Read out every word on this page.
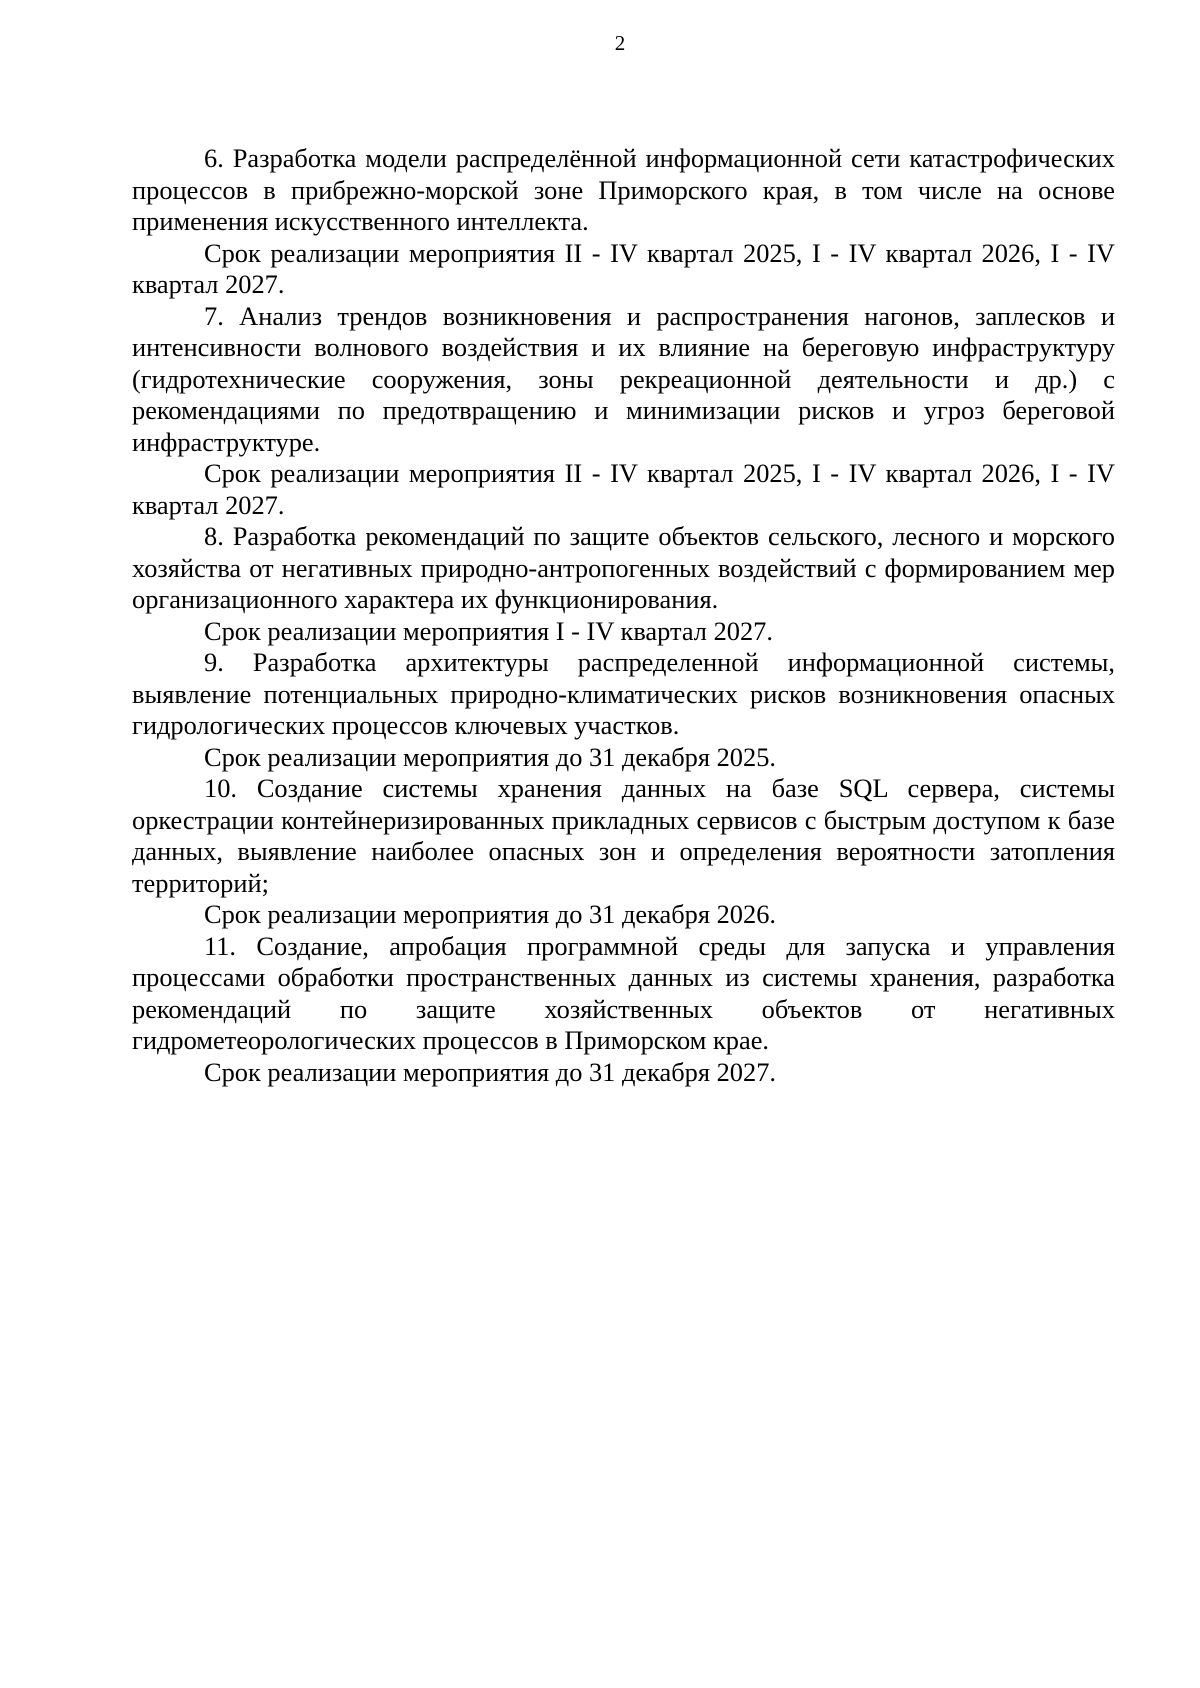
2

6. Разработка модели распределённой информационной сети катастрофических процессов в прибрежно-морской зоне Приморского края, в том числе на основе применения искусственного интеллекта.

Срок реализации мероприятия II - IV квартал 2025, I - IV квартал 2026, I - IV квартал 2027.

7. Анализ трендов возникновения и распространения нагонов, заплесков и интенсивности волнового воздействия и их влияние на береговую инфраструктуру (гидротехнические сооружения, зоны рекреационной деятельности и др.) с рекомендациями по предотвращению и минимизации рисков и угроз береговой инфраструктуре.

Срок реализации мероприятия II - IV квартал 2025, I - IV квартал 2026, I - IV квартал 2027.

8. Разработка рекомендаций по защите объектов сельского, лесного и морского хозяйства от негативных природно-антропогенных воздействий с формированием мер организационного характера их функционирования.

Срок реализации мероприятия I - IV квартал 2027.

9. Разработка архитектуры распределенной информационной системы, выявление потенциальных природно-климатических рисков возникновения опасных гидрологических процессов ключевых участков.

Срок реализации мероприятия до 31 декабря 2025.

10. Создание системы хранения данных на базе SQL сервера, системы оркестрации контейнеризированных прикладных сервисов с быстрым доступом к базе данных, выявление наиболее опасных зон и определения вероятности затопления территорий;

Срок реализации мероприятия до 31 декабря 2026.

11. Создание, апробация программной среды для запуска и управления процессами обработки пространственных данных из системы хранения, разработка рекомендаций по защите хозяйственных объектов от негативных гидрометеорологических процессов в Приморском крае.

Срок реализации мероприятия до 31 декабря 2027.
